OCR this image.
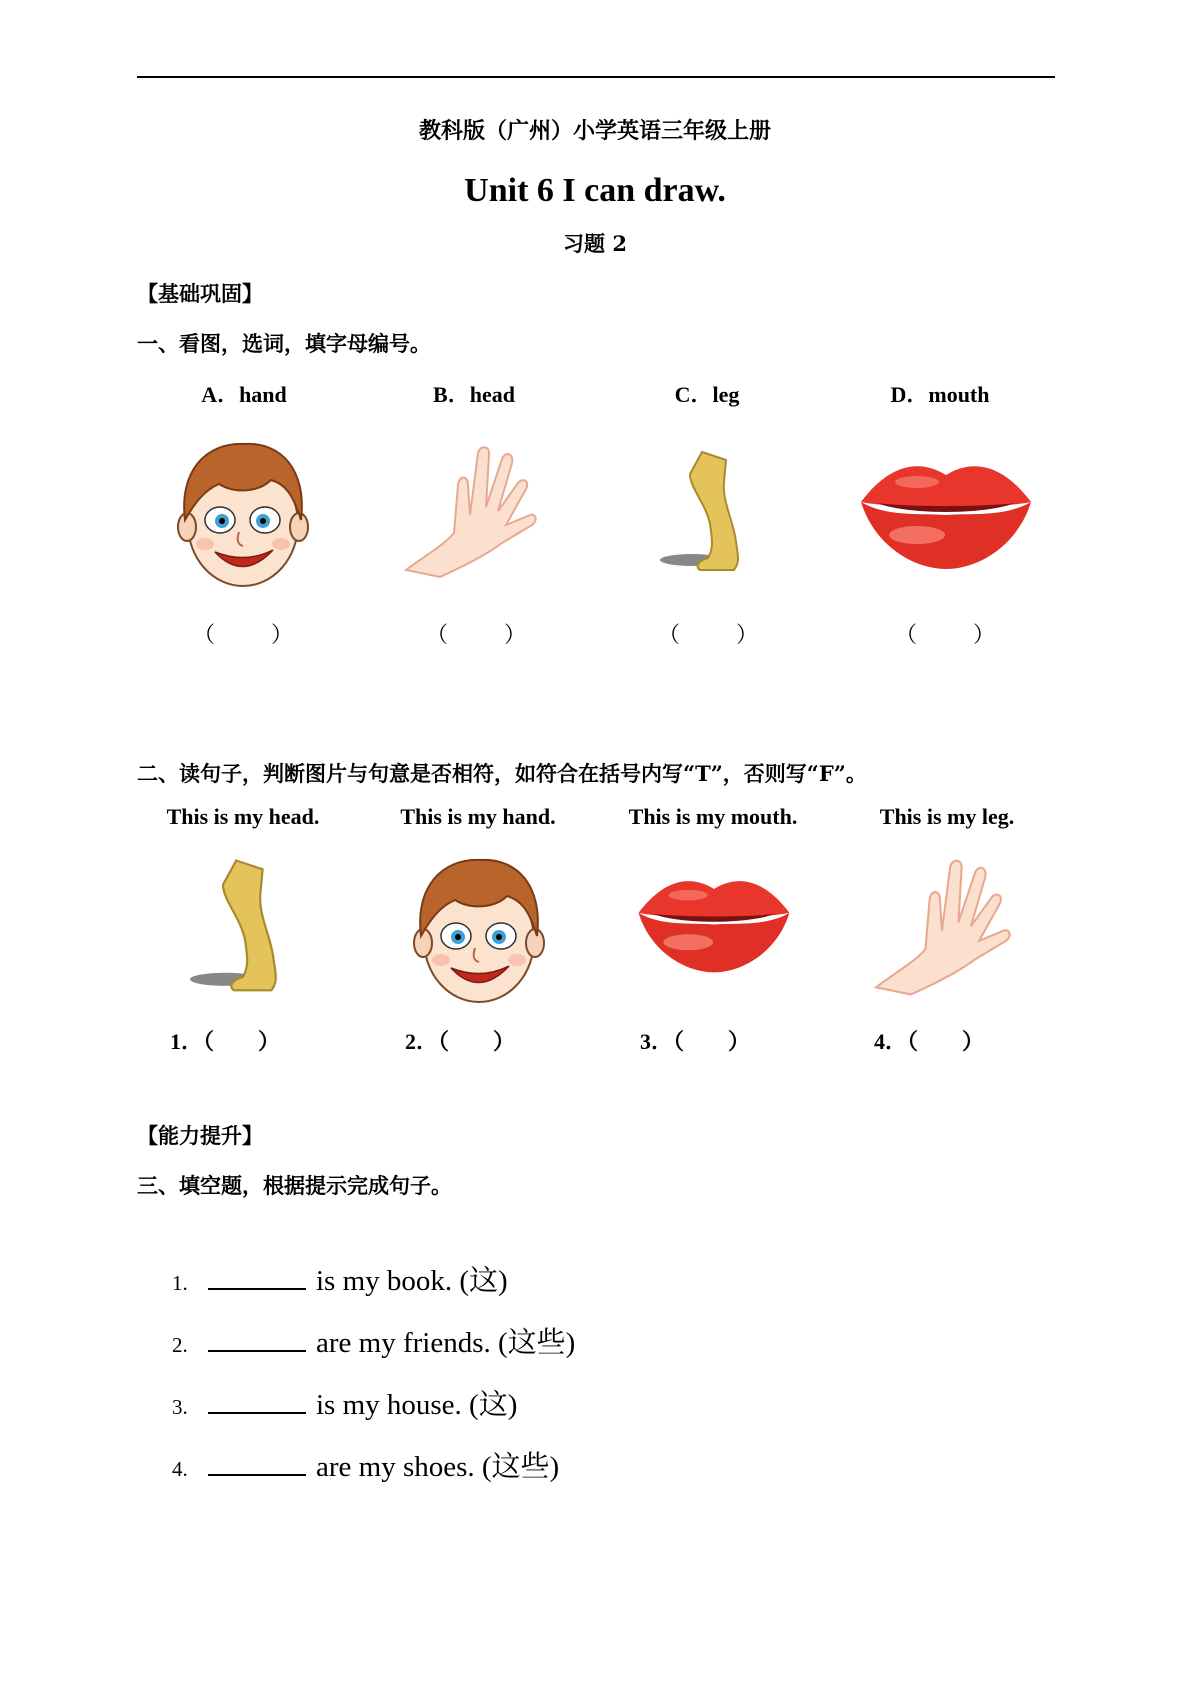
教科版（广州）小学英语三年级上册
Unit 6 I can draw.
习题 2
【基础巩固】
一、看图，选词，填字母编号。
A．hand	B．head	C．leg	D．mouth
（        ）	（        ）	（        ）	（        ）
二、读句子，判断图片与句意是否相符，如符合在括号内写“T”，否则写“F”。
This is my head.	This is my hand.	This is my mouth.	This is my leg.
1．（        ）	2．（        ）	3．（        ）	4．（        ）
【能力提升】
三、填空题，根据提示完成句子。
1.	is my book. (这)
2.	are my friends. (这些)
3.	is my house. (这)
4.	are my shoes. (这些)
